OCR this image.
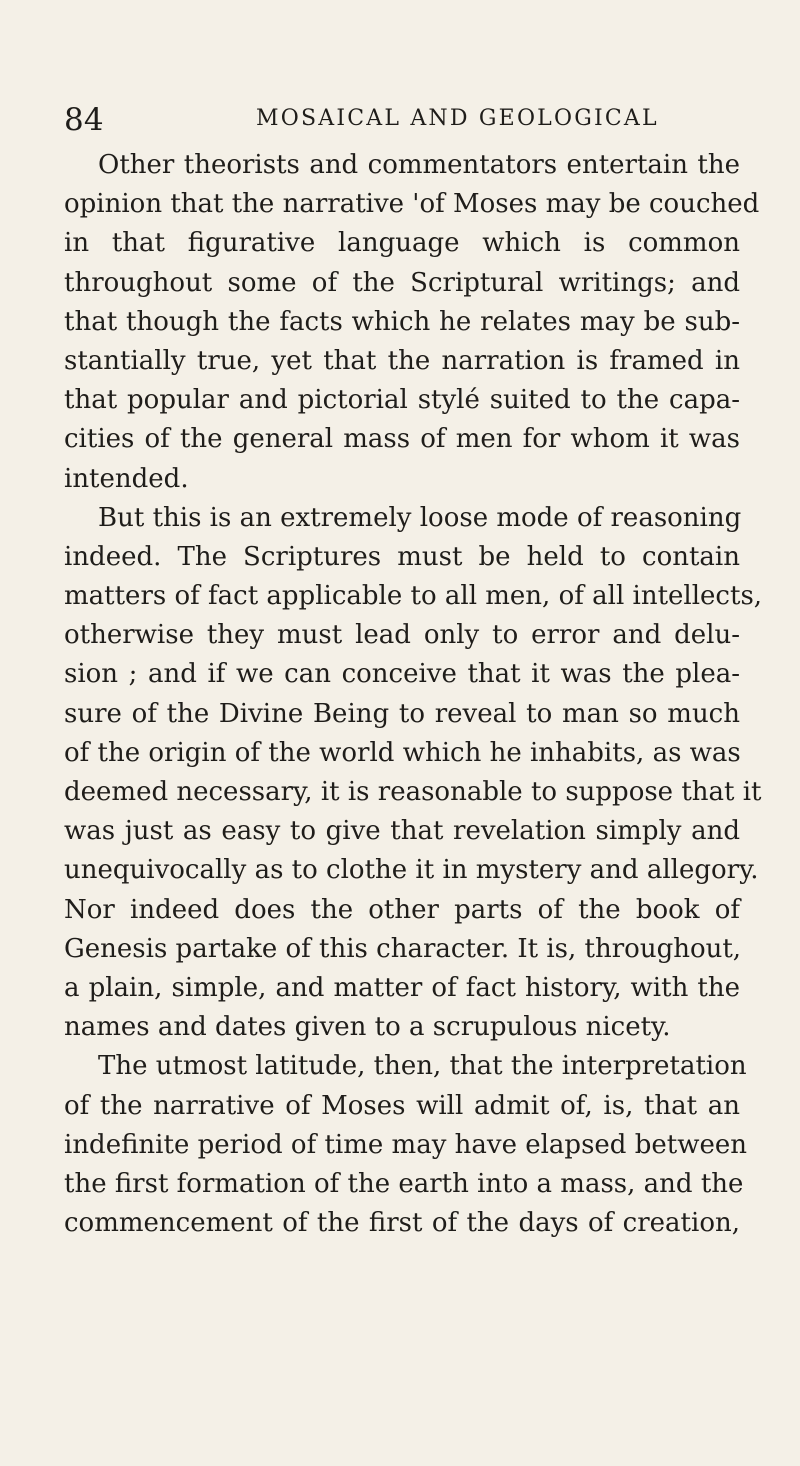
84	MOSAICAL AND GEOLOGICAL
Other theorists and commentators entertain the
opinion that the narrative 'of Moses may be couched
in that figurative language which is common
throughout some of the Scriptural writings; and
that though the facts which he relates may be sub-
stantially true, yet that the narration is framed in
that popular and pictorial stylé suited to the capa-
cities of the general mass of men for whom it was
intended.
But this is an extremely loose mode of reasoning
indeed. The Scriptures must be held to contain
matters of fact applicable to all men, of all intellects,
otherwise they must lead only to error and delu-
sion ; and if we can conceive that it was the plea-
sure of the Divine Being to reveal to man so much
of the origin of the world which he inhabits, as was
deemed necessary, it is reasonable to suppose that it
was just as easy to give that revelation simply and
unequivocally as to clothe it in mystery and allegory.
Nor indeed does the other parts of the book of
Genesis partake of this character. It is, throughout,
a plain, simple, and matter of fact history, with the
names and dates given to a scrupulous nicety.
The utmost latitude, then, that the interpretation
of the narrative of Moses will admit of, is, that an
indefinite period of time may have elapsed between
the first formation of the earth into a mass, and the
commencement of the first of the days of creation,
